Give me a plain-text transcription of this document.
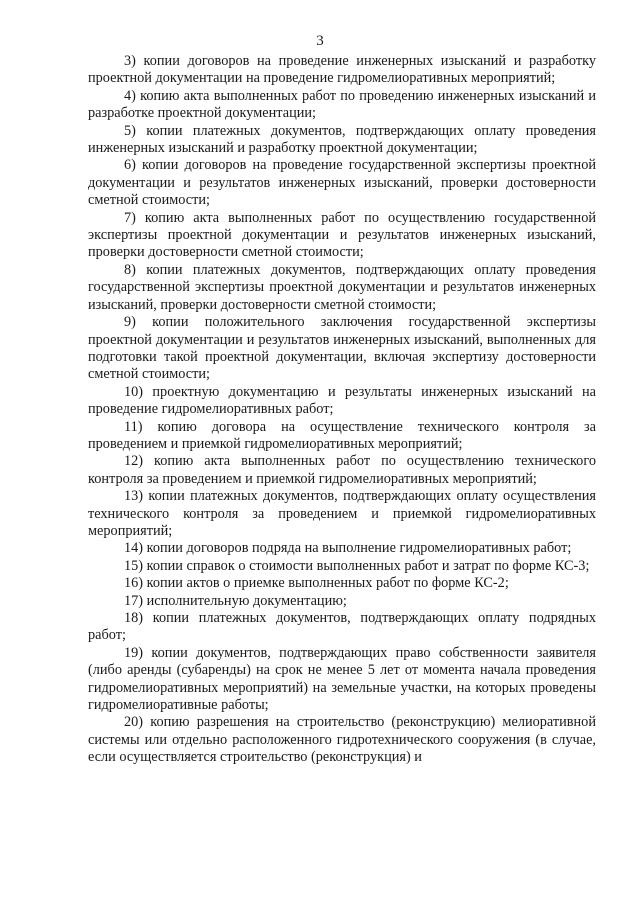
3

3) копии договоров на проведение инженерных изысканий и разработку проектной документации на проведение гидромелиоративных мероприятий;

4) копию акта выполненных работ по проведению инженерных изысканий и разработке проектной документации;

5) копии платежных документов, подтверждающих оплату проведения инженерных изысканий и разработку проектной документации;

6) копии договоров на проведение государственной экспертизы проектной документации и результатов инженерных изысканий, проверки достоверности сметной стоимости;

7) копию акта выполненных работ по осуществлению государственной экспертизы проектной документации и результатов инженерных изысканий, проверки достоверности сметной стоимости;

8) копии платежных документов, подтверждающих оплату проведения государственной экспертизы проектной документации и результатов инженерных изысканий, проверки достоверности сметной стоимости;

9) копии положительного заключения государственной экспертизы проектной документации и результатов инженерных изысканий, выполненных для подготовки такой проектной документации, включая экспертизу достоверности сметной стоимости;

10) проектную документацию и результаты инженерных изысканий на проведение гидромелиоративных работ;

11) копию договора на осуществление технического контроля за проведением и приемкой гидромелиоративных мероприятий;

12) копию акта выполненных работ по осуществлению технического контроля за проведением и приемкой гидромелиоративных мероприятий;

13) копии платежных документов, подтверждающих оплату осуществления технического контроля за проведением и приемкой гидромелиоративных мероприятий;

14) копии договоров подряда на выполнение гидромелиоративных работ;

15) копии справок о стоимости выполненных работ и затрат по форме КС-3;

16) копии актов о приемке выполненных работ по форме КС-2;

17) исполнительную документацию;

18) копии платежных документов, подтверждающих оплату подрядных работ;

19) копии документов, подтверждающих право собственности заявителя (либо аренды (субаренды) на срок не менее 5 лет от момента начала проведения гидромелиоративных мероприятий) на земельные участки, на которых проведены гидромелиоративные работы;

20) копию разрешения на строительство (реконструкцию) мелиоративной системы или отдельно расположенного гидротехнического сооружения (в случае, если осуществляется строительство (реконструкция) и
